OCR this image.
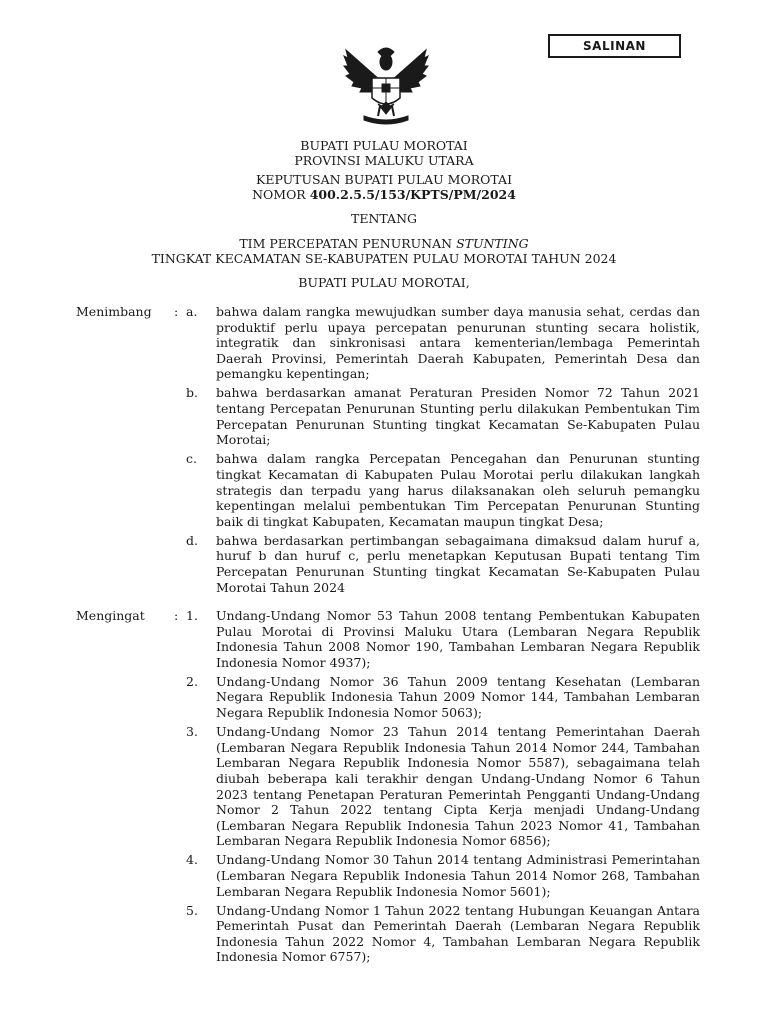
SALINAN
BUPATI PULAU MOROTAI
PROVINSI MALUKU UTARA
KEPUTUSAN BUPATI PULAU MOROTAI
NOMOR 400.2.5.5/153/KPTS/PM/2024
TENTANG
TIM PERCEPATAN PENURUNAN STUNTING
TINGKAT KECAMATAN SE-KABUPATEN PULAU MOROTAI TAHUN 2024
BUPATI PULAU MOROTAI,
Menimbang : a.	bahwa dalam rangka mewujudkan sumber daya manusia sehat, cerdas dan produktif perlu upaya percepatan penurunan stunting secara holistik, integratik dan sinkronisasi antara kementerian/lembaga Pemerintah Daerah Provinsi, Pemerintah Daerah Kabupaten, Pemerintah Desa dan pemangku kepentingan;
b.	bahwa berdasarkan amanat Peraturan Presiden Nomor 72 Tahun 2021 tentang Percepatan Penurunan Stunting perlu dilakukan Pembentukan Tim Percepatan Penurunan Stunting tingkat Kecamatan Se-Kabupaten Pulau Morotai;
c.	bahwa dalam rangka Percepatan Pencegahan dan Penurunan stunting tingkat Kecamatan di Kabupaten Pulau Morotai perlu dilakukan langkah strategis dan terpadu yang harus dilaksanakan oleh seluruh pemangku kepentingan melalui pembentukan Tim Percepatan Penurunan Stunting baik di tingkat Kabupaten, Kecamatan maupun tingkat Desa;
d.	bahwa berdasarkan pertimbangan sebagaimana dimaksud dalam huruf a, huruf b dan huruf c, perlu menetapkan Keputusan Bupati tentang Tim Percepatan Penurunan Stunting tingkat Kecamatan Se-Kabupaten Pulau Morotai Tahun 2024
Mengingat : 1.	Undang-Undang Nomor 53 Tahun 2008 tentang Pembentukan Kabupaten Pulau Morotai di Provinsi Maluku Utara (Lembaran Negara Republik Indonesia Tahun 2008 Nomor 190, Tambahan Lembaran Negara Republik Indonesia Nomor 4937);
2.	Undang-Undang Nomor 36 Tahun 2009 tentang Kesehatan (Lembaran Negara Republik Indonesia Tahun 2009 Nomor 144, Tambahan Lembaran Negara Republik Indonesia Nomor 5063);
3.	Undang-Undang Nomor 23 Tahun 2014 tentang Pemerintahan Daerah (Lembaran Negara Republik Indonesia Tahun 2014 Nomor 244, Tambahan Lembaran Negara Republik Indonesia Nomor 5587), sebagaimana telah diubah beberapa kali terakhir dengan Undang-Undang Nomor 6 Tahun 2023 tentang Penetapan Peraturan Pemerintah Pengganti Undang-Undang Nomor 2 Tahun 2022 tentang Cipta Kerja menjadi Undang-Undang (Lembaran Negara Republik Indonesia Tahun 2023 Nomor 41, Tambahan Lembaran Negara Republik Indonesia Nomor 6856);
4.	Undang-Undang Nomor 30 Tahun 2014 tentang Administrasi Pemerintahan (Lembaran Negara Republik Indonesia Tahun 2014 Nomor 268, Tambahan Lembaran Negara Republik Indonesia Nomor 5601);
5.	Undang-Undang Nomor 1 Tahun 2022 tentang Hubungan Keuangan Antara Pemerintah Pusat dan Pemerintah Daerah (Lembaran Negara Republik Indonesia Tahun 2022 Nomor 4, Tambahan Lembaran Negara Republik Indonesia Nomor 6757);
